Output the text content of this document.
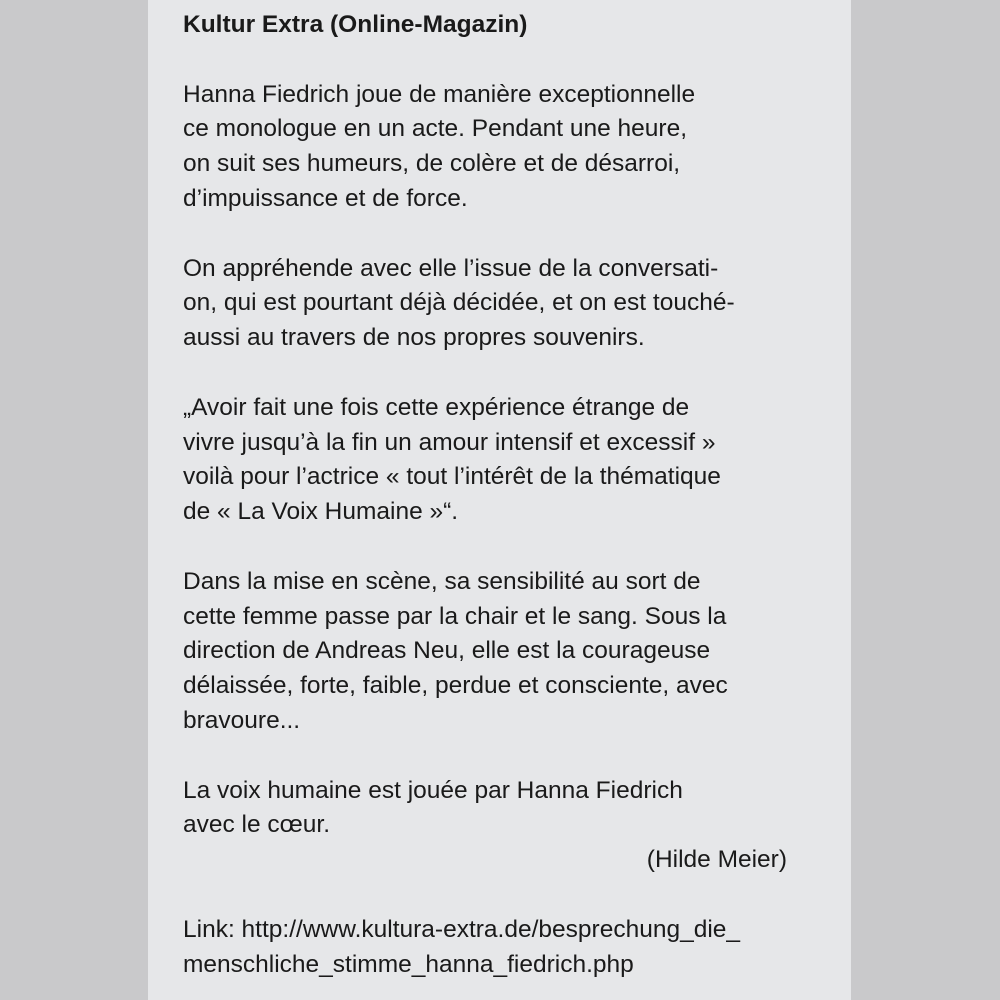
Kultur Extra (Online-Magazin)
Hanna Fiedrich joue de manière exceptionnelle
ce monologue en un acte. Pendant une heure,
on suit ses humeurs, de colère et de désarroi,
d’impuissance et de force.
On appréhende avec elle l’issue de la conversati-
on, qui est pourtant déjà décidée, et on est touché-
aussi au travers de nos propres souvenirs.
„Avoir fait une fois cette expérience étrange de
vivre jusqu’à la fin un amour intensif et excessif »
voilà pour l’actrice « tout l’intérêt de la thématique
de « La Voix Humaine »“.
Dans la mise en scène, sa sensibilité au sort de
cette femme passe par la chair et le sang. Sous la
direction de Andreas Neu, elle est la courageuse
délaissée, forte, faible, perdue et consciente, avec
bravoure...
La voix humaine est jouée par Hanna Fiedrich
avec le cœur.
(Hilde Meier)
Link: http://www.kultura-extra.de/besprechung_die_
menschliche_stimme_hanna_fiedrich.php
